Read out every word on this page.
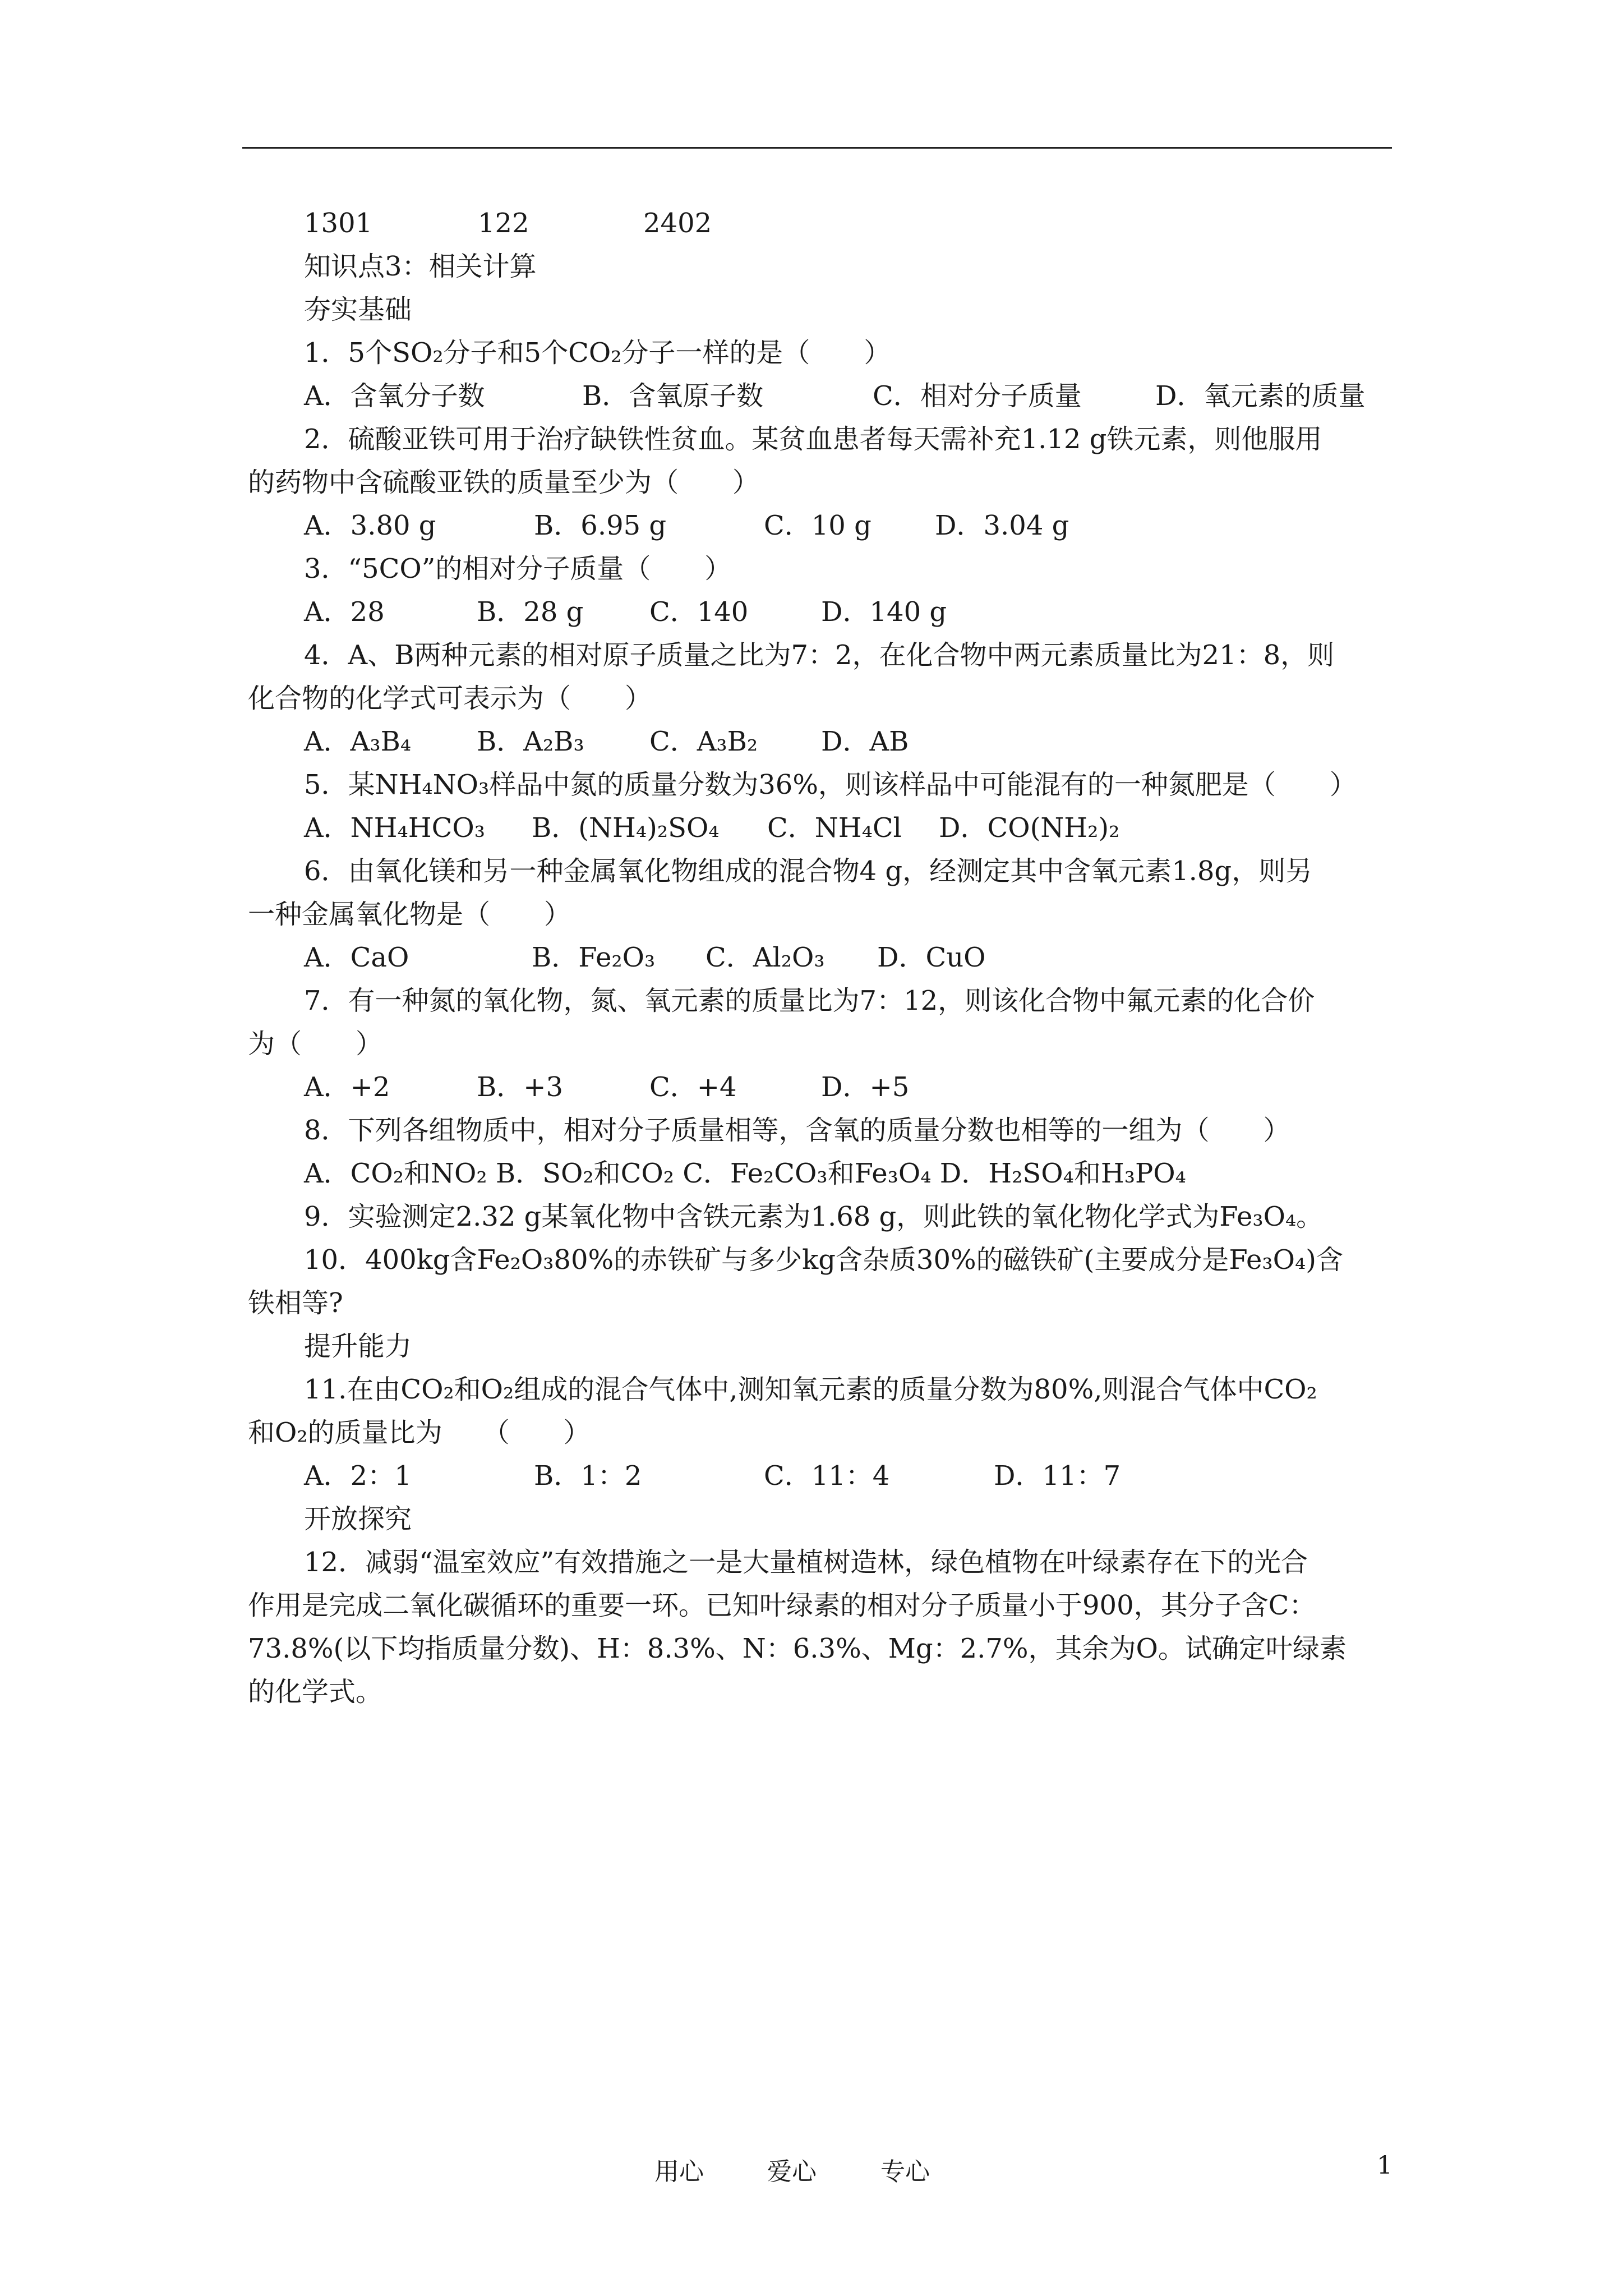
1301	122	2402
知识点3：相关计算
夯实基础
1．5个SO₂分子和5个CO₂分子一样的是（　　）
A．含氧分子数	B．含氧原子数	C．相对分子质量	D．氧元素的质量
2．硫酸亚铁可用于治疗缺铁性贫血。某贫血患者每天需补充1.12 g铁元素，则他服用
的药物中含硫酸亚铁的质量至少为（　　）
A．3.80 g	B．6.95 g	C．10 g D．3.04 g
3．“5CO”的相对分子质量（　　）
A．28	B．28 g C．140	D．140 g
4．A、B两种元素的相对原子质量之比为7：2，在化合物中两元素质量比为21：8，则
化合物的化学式可表示为（　　）
A．A₃B₄ B．A₂B₃ C．A₃B₂ D．AB
5．某NH₄NO₃样品中氮的质量分数为36%，则该样品中可能混有的一种氮肥是（　　）
A．NH₄HCO₃ B．(NH₄)₂SO₄ C．NH₄Cl D．CO(NH₂)₂
6．由氧化镁和另一种金属氧化物组成的混合物4 g，经测定其中含氧元素1.8g，则另
一种金属氧化物是（　　）
A．CaO	B．Fe₂O₃ C．Al₂O₃ D．CuO
7．有一种氮的氧化物，氮、氧元素的质量比为7：12，则该化合物中氟元素的化合价
为（　　）
A．+2	B．+3	C．+4	D．+5
8．下列各组物质中，相对分子质量相等，含氧的质量分数也相等的一组为（　　）
A．CO₂和NO₂ B．SO₂和CO₂ C．Fe₂CO₃和Fe₃O₄ D．H₂SO₄和H₃PO₄
9．实验测定2.32 g某氧化物中含铁元素为1.68 g，则此铁的氧化物化学式为Fe₃O₄。
10．400kg含Fe₂O₃80%的赤铁矿与多少kg含杂质30%的磁铁矿(主要成分是Fe₃O₄)含
铁相等?
提升能力
11.在由CO₂和O₂组成的混合气体中,测知氧元素的质量分数为80%,则混合气体中CO₂
和O₂的质量比为　　（　　）
A．2：1	B．1：2	C．11：4	D．11：7
开放探究
12．减弱“温室效应”有效措施之一是大量植树造林，绿色植物在叶绿素存在下的光合
作用是完成二氧化碳循环的重要一环。已知叶绿素的相对分子质量小于900，其分子含C：
73.8%(以下均指质量分数)、H：8.3%、N：6.3%、Mg：2.7%，其余为O。试确定叶绿素
的化学式。
用心	爱心	专心	1
